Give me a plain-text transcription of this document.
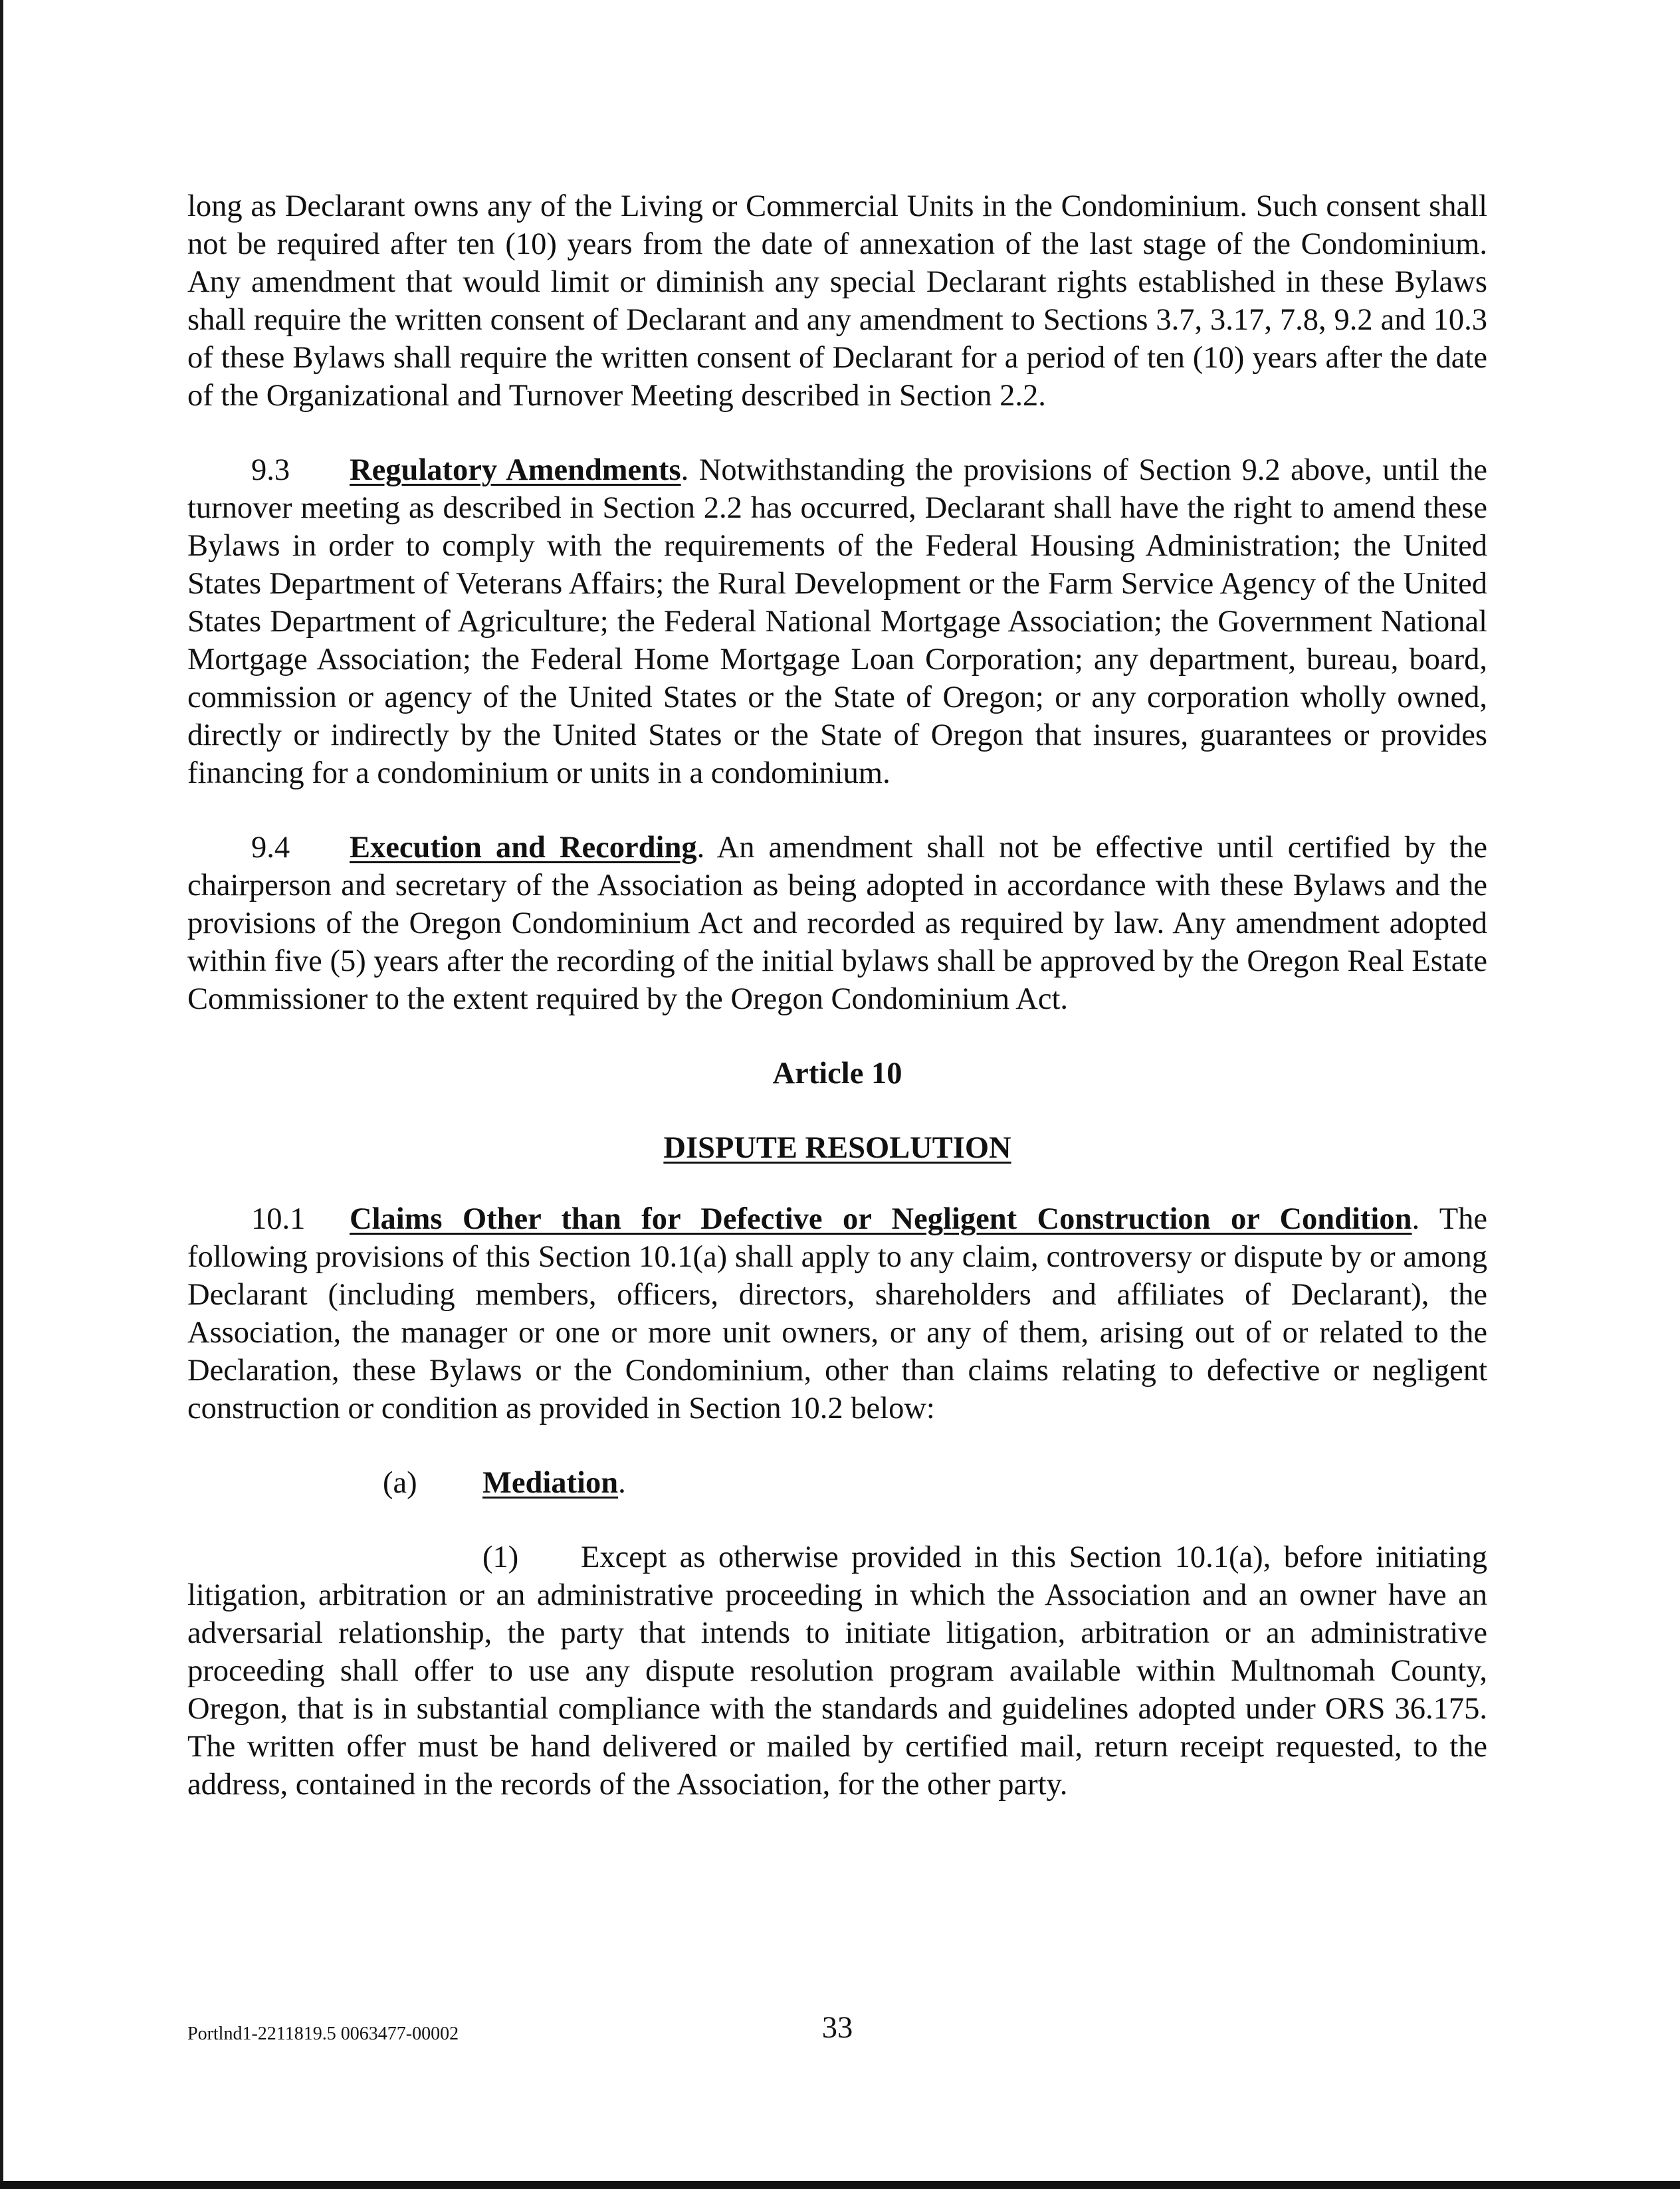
long as Declarant owns any of the Living or Commercial Units in the Condominium. Such consent shall not be required after ten (10) years from the date of annexation of the last stage of the Condominium. Any amendment that would limit or diminish any special Declarant rights established in these Bylaws shall require the written consent of Declarant and any amendment to Sections 3.7, 3.17, 7.8, 9.2 and 10.3 of these Bylaws shall require the written consent of Declarant for a period of ten (10) years after the date of the Organizational and Turnover Meeting described in Section 2.2.

9.3 Regulatory Amendments. Notwithstanding the provisions of Section 9.2 above, until the turnover meeting as described in Section 2.2 has occurred, Declarant shall have the right to amend these Bylaws in order to comply with the requirements of the Federal Housing Administration; the United States Department of Veterans Affairs; the Rural Development or the Farm Service Agency of the United States Department of Agriculture; the Federal National Mortgage Association; the Government National Mortgage Association; the Federal Home Mortgage Loan Corporation; any department, bureau, board, commission or agency of the United States or the State of Oregon; or any corporation wholly owned, directly or indirectly by the United States or the State of Oregon that insures, guarantees or provides financing for a condominium or units in a condominium.

9.4 Execution and Recording. An amendment shall not be effective until certified by the chairperson and secretary of the Association as being adopted in accordance with these Bylaws and the provisions of the Oregon Condominium Act and recorded as required by law. Any amendment adopted within five (5) years after the recording of the initial bylaws shall be approved by the Oregon Real Estate Commissioner to the extent required by the Oregon Condominium Act.

Article 10

DISPUTE RESOLUTION

10.1 Claims Other than for Defective or Negligent Construction or Condition. The following provisions of this Section 10.1(a) shall apply to any claim, controversy or dispute by or among Declarant (including members, officers, directors, shareholders and affiliates of Declarant), the Association, the manager or one or more unit owners, or any of them, arising out of or related to the Declaration, these Bylaws or the Condominium, other than claims relating to defective or negligent construction or condition as provided in Section 10.2 below:

(a) Mediation.

(1) Except as otherwise provided in this Section 10.1(a), before initiating litigation, arbitration or an administrative proceeding in which the Association and an owner have an adversarial relationship, the party that intends to initiate litigation, arbitration or an administrative proceeding shall offer to use any dispute resolution program available within Multnomah County, Oregon, that is in substantial compliance with the standards and guidelines adopted under ORS 36.175. The written offer must be hand delivered or mailed by certified mail, return receipt requested, to the address, contained in the records of the Association, for the other party.

Portlnd1-2211819.5 0063477-00002	33
